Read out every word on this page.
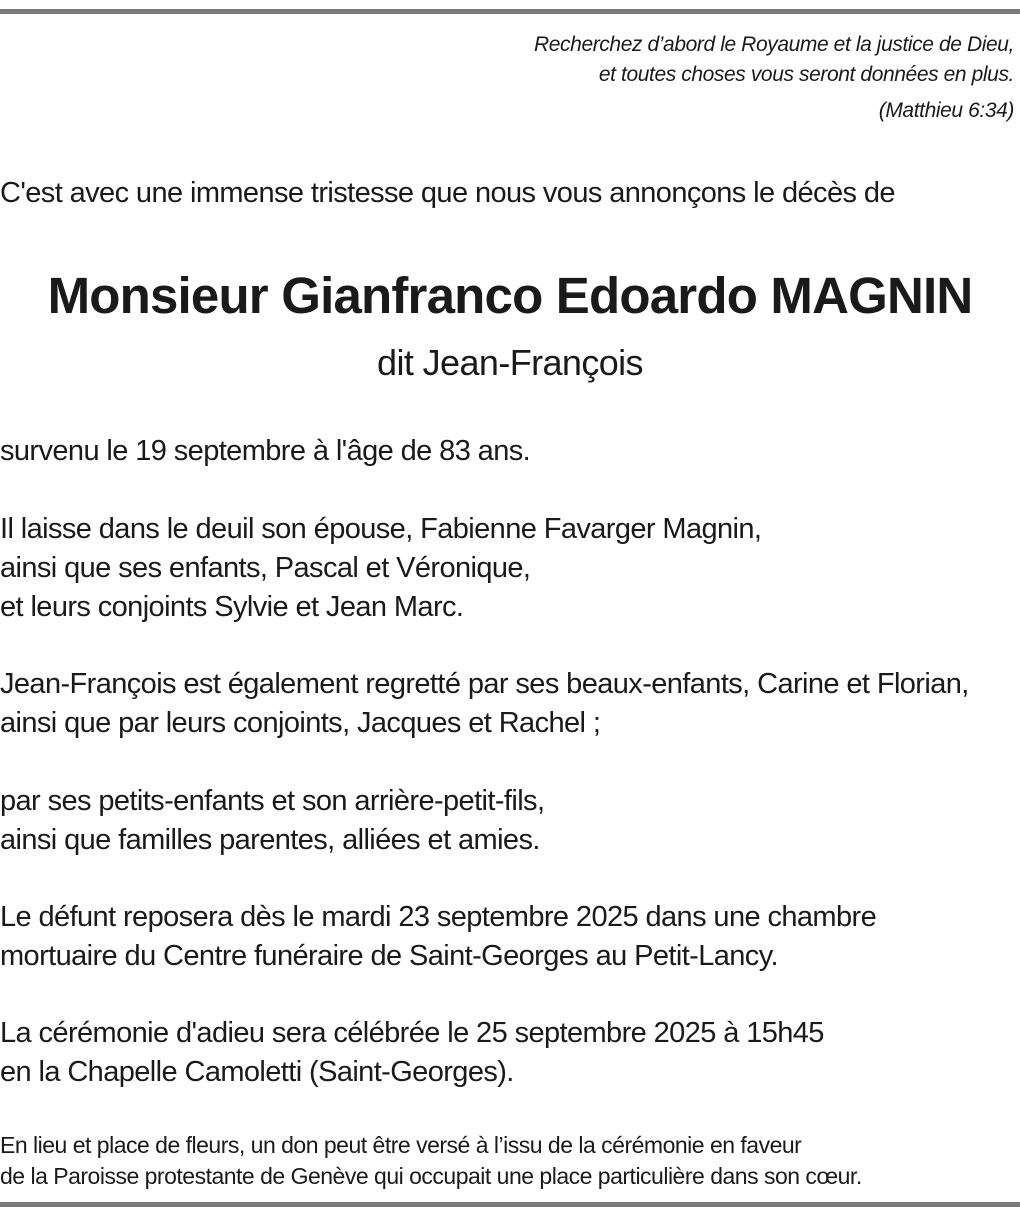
Recherchez d’abord le Royaume et la justice de Dieu,
et toutes choses vous seront données en plus.
(Matthieu 6:34)
C'est avec une immense tristesse que nous vous annonçons le décès de
Monsieur Gianfranco Edoardo MAGNIN
dit Jean-François
survenu le 19 septembre à l'âge de 83 ans.
Il laisse dans le deuil son épouse, Fabienne Favarger Magnin,
ainsi que ses enfants, Pascal et Véronique,
et leurs conjoints Sylvie et Jean Marc.
Jean-François est également regretté par ses beaux-enfants, Carine et Florian,
ainsi que par leurs conjoints, Jacques et Rachel ;
par ses petits-enfants et son arrière-petit-fils,
ainsi que familles parentes, alliées et amies.
Le défunt reposera dès le mardi 23 septembre 2025 dans une chambre
mortuaire du Centre funéraire de Saint-Georges au Petit-Lancy.
La cérémonie d'adieu sera célébrée le 25 septembre 2025 à 15h45
en la Chapelle Camoletti (Saint-Georges).
En lieu et place de fleurs, un don peut être versé à l’issu de la cérémonie en faveur
de la Paroisse protestante de Genève qui occupait une place particulière dans son cœur.
